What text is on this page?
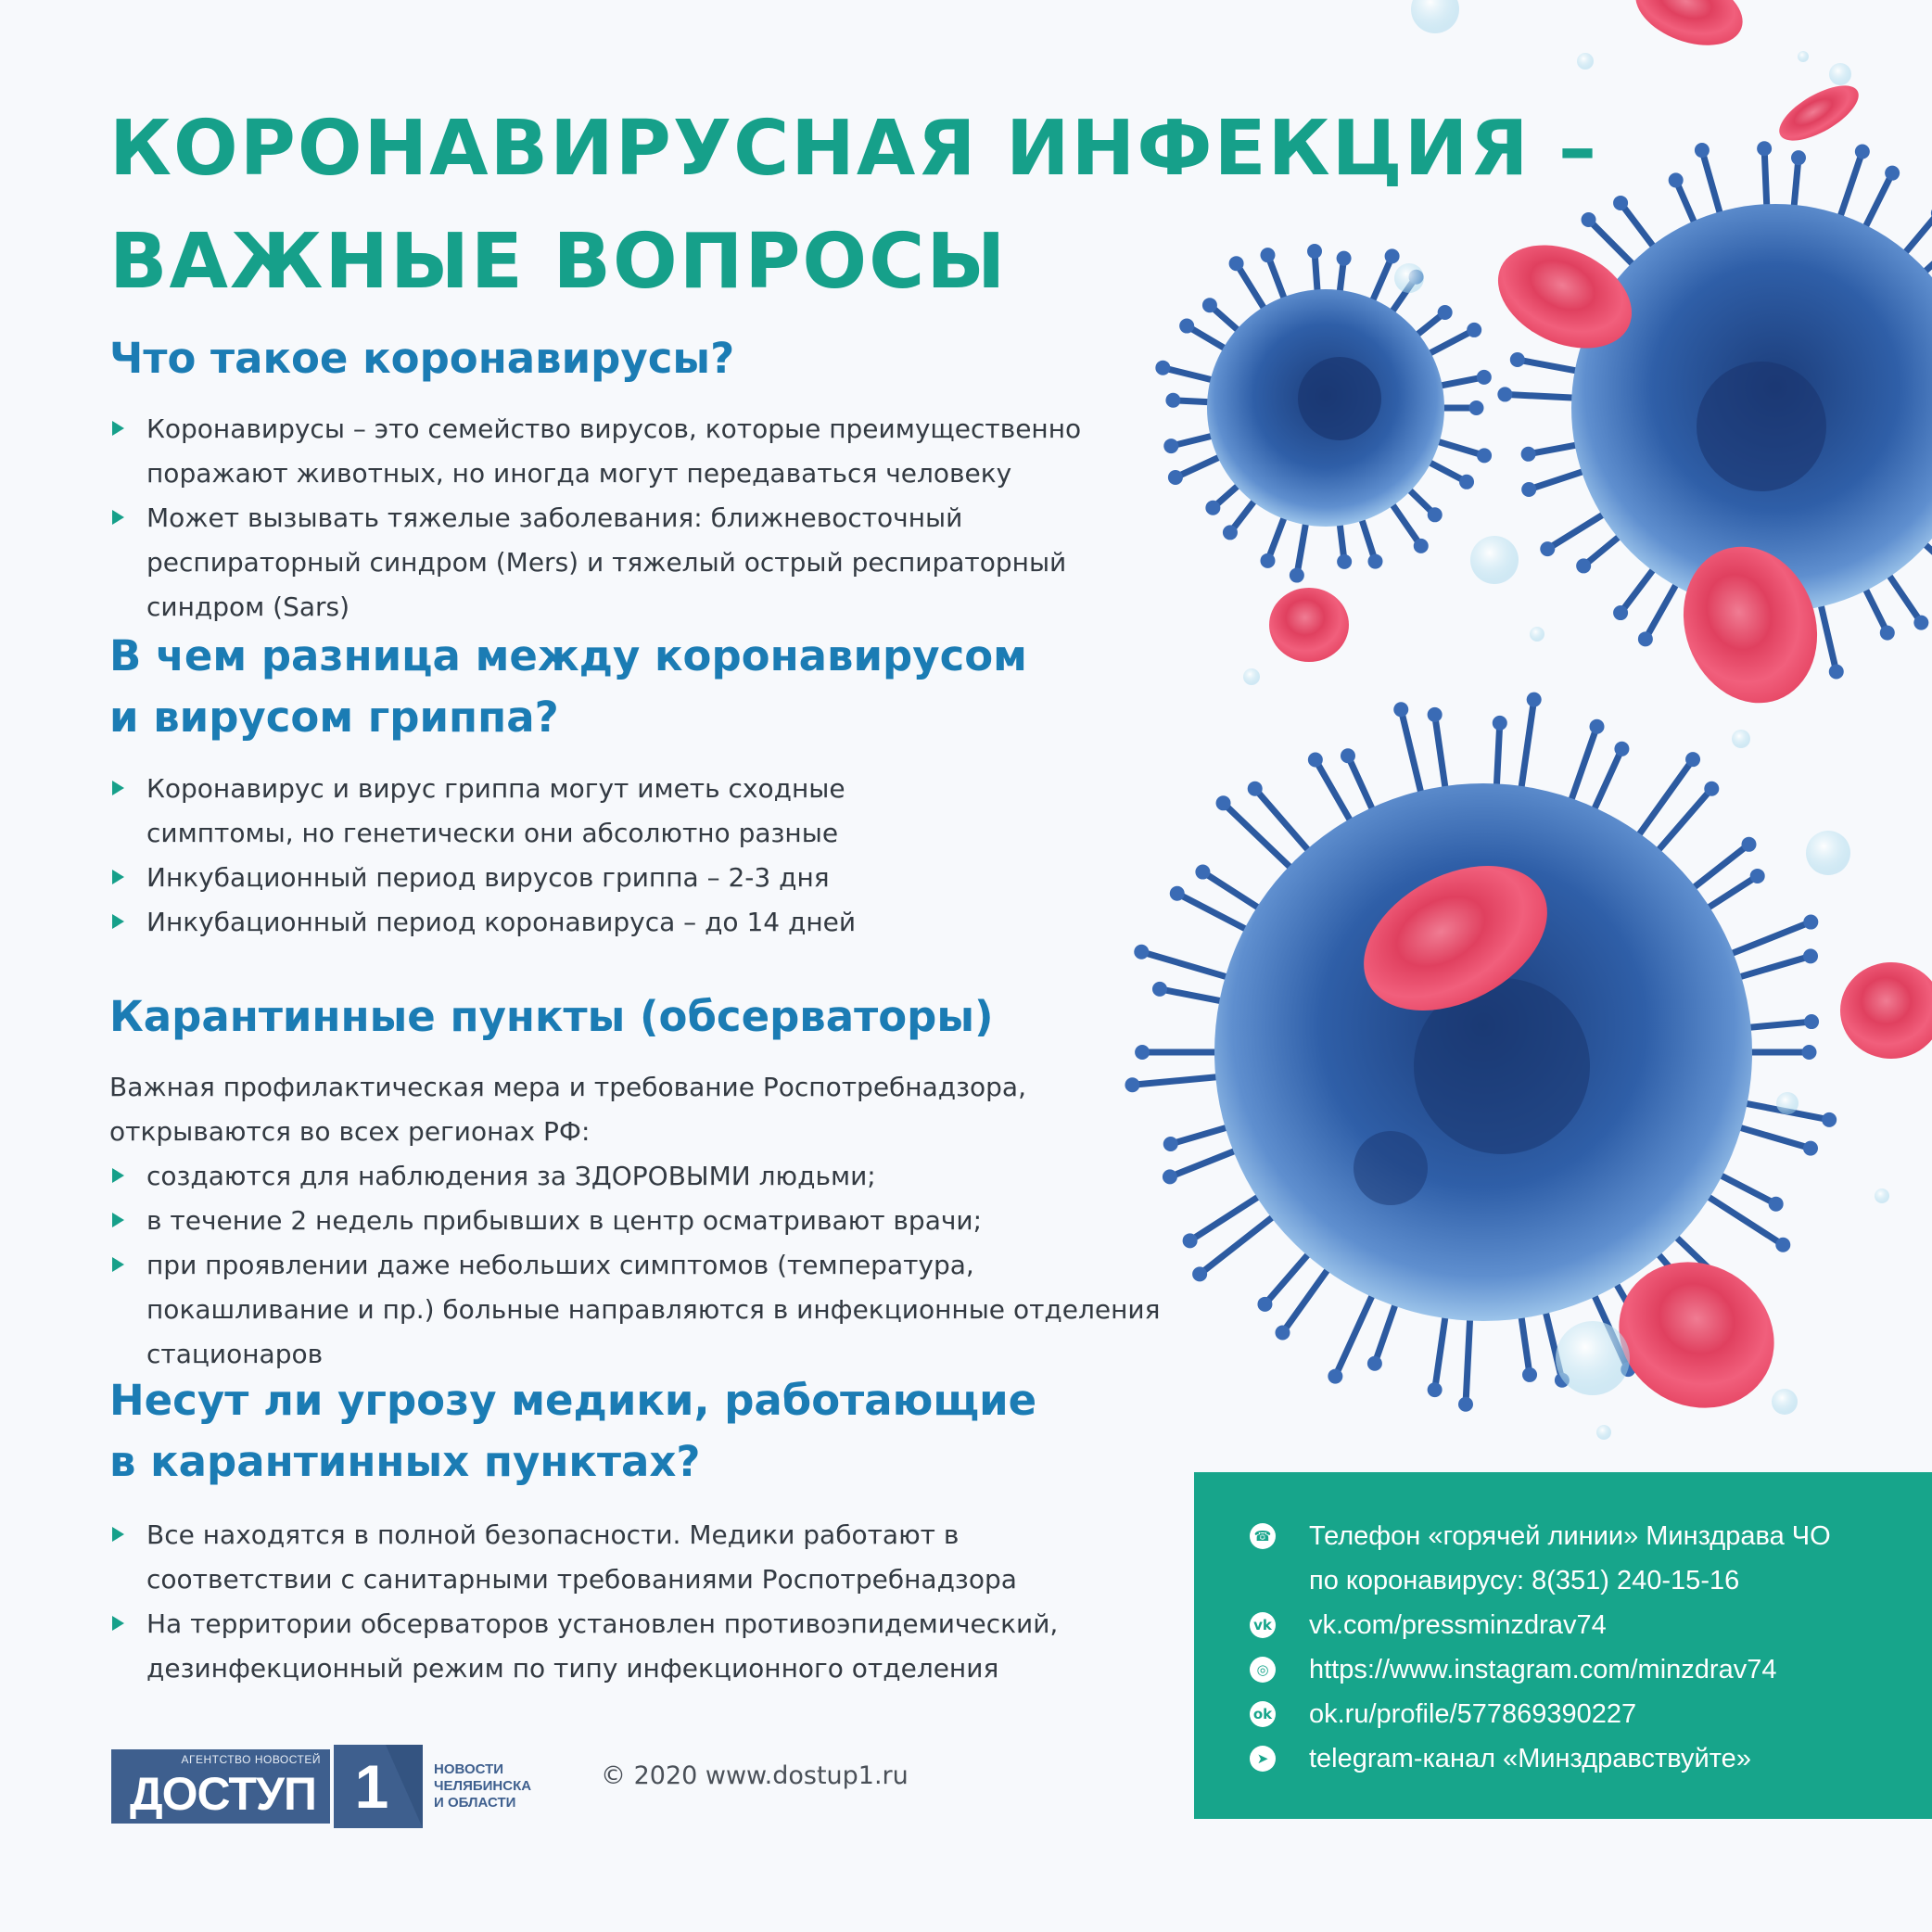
КОРОНАВИРУСНАЯ ИНФЕКЦИЯ –
ВАЖНЫЕ ВОПРОСЫ
Что такое коронавирусы?
Коронавирусы – это семейство вирусов, которые преимущественно поражают животных, но иногда могут передаваться человеку
Может вызывать тяжелые заболевания: ближневосточный респираторный синдром (Mers) и тяжелый острый респираторный синдром (Sars)
В чем разница между коронавирусом
и вирусом гриппа?
Коронавирус и вирус гриппа могут иметь сходные симптомы, но генетически они абсолютно разные
Инкубационный период вирусов гриппа – 2-3 дня
Инкубационный период коронавируса – до 14 дней
Карантинные пункты (обсерваторы)

Важная профилактическая мера и требование Роспотребнадзора,

открываются во всех регионах РФ:

создаются для наблюдения за ЗДОРОВЫМИ людьми;
в течение 2 недель прибывших в центр осматривают врачи;
при проявлении даже небольших симптомов (температура, покашливание и пр.) больные направляются в инфекционные отделения стационаров
Несут ли угрозу медики, работающие
в карантинных пунктах?
Все находятся в полной безопасности. Медики работают в соответствии с санитарными требованиями Роспотребнадзора
На территории обсерваторов установлен противоэпидемический, дезинфекционный режим по типу инфекционного отделения
☎ Телефон «горячей линии» Минздрава ЧО
по коронавирусу: 8(351) 240-15-16
vk vk.com/pressminzdrav74
◎ https://www.instagram.com/minzdrav74
ok ok.ru/profile/577869390227
➤ telegram-канал «Минздравствуйте»
АГЕНТСТВО НОВОСТЕЙ
ДОСТУП 1	НОВОСТИ
ЧЕЛЯБИНСКА
И ОБЛАСТИ
© 2020 www.dostup1.ru
